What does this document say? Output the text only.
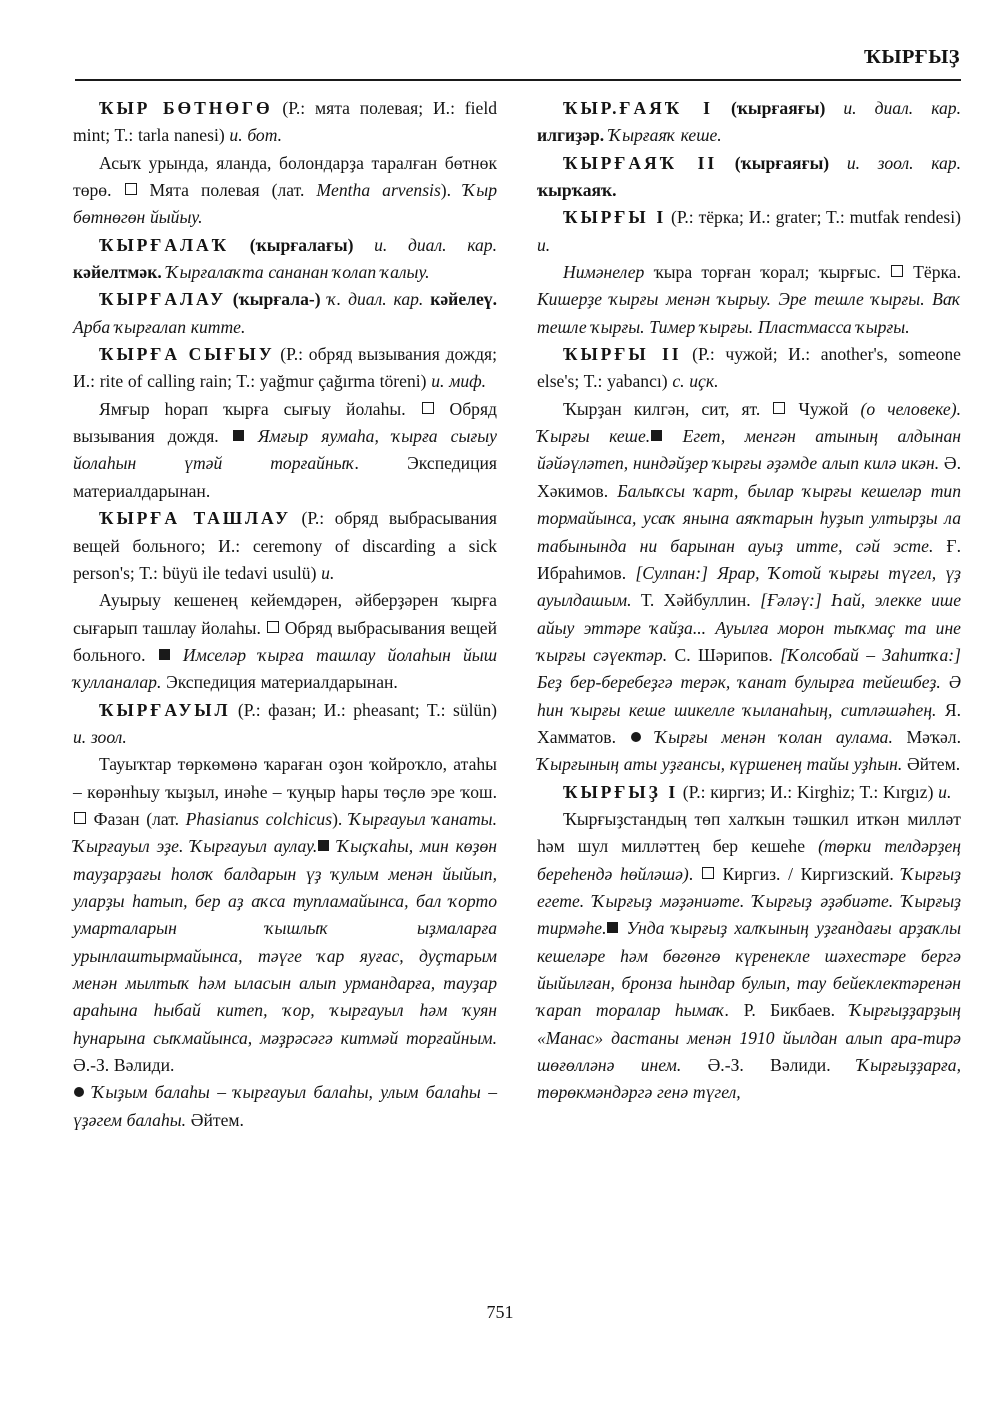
ҠЫРҒЫҘ

ҠЫР БӨТНӨГӨ (Р.: мята полевая; И.: field mint; T.: tarla nanesi) и. бот.

Асыҡ урында, яланда, болондарҙа таралған бөтнөк төрө.  Мята полевая (лат. Mentha arvensis). Ҡыр бөтнөгөн йыйыу.

ҠЫРҒАЛАҠ (ҡырғалағы) и. диал. кар. кәйелтмәк. Ҡырғалаҡта сананан ҡолап ҡалыу.

ҠЫРҒАЛАУ (ҡырғала-) ҡ. диал. кар. кәйелеү. Арба ҡырғалап китте.

ҠЫРҒА СЫҒЫУ (Р.: обряд вызывания дождя; И.: rite of calling rain; T.: yağmur çağırma töreni) и. миф.

Ямғыр һорап ҡырға сығыу йолаһы.  Обряд вызывания дождя.  Ямғыр яумаһа, ҡырға сығыу йолаһын үтәй торғайныҡ. Экспедиция материалдарынан.

ҠЫРҒА ТАШЛАУ (Р.: обряд выбрасывания вещей больного; И.: ceremony of discarding a sick person's; T.: büyü ile tedavi usulü) и.

Ауырыу кешенең кейемдәрен, әйберҙәрен ҡырға сығарып ташлау йолаһы.  Обряд выбрасывания вещей больного.  Имселәр ҡырға ташлау йолаһын йыш ҡулланалар. Экспедиция материалдарынан.

ҠЫРҒАУЫЛ (Р.: фазан; И.: pheasant; T.: sülün) и. зоол.

Тауыҡтар төркөмөнә ҡараған оҙон ҡойроҡло, атаһы – көрәнһыу ҡыҙыл, инәһе – ҡуңыр һары төҫлө эре ҡош.  Фазан (лат. Phasianus colchicus). Ҡырғауыл ҡанаты. Ҡырғауыл эҙе. Ҡырғауыл аулау. Ҡыҫҡаһы, мин көҙөн тауҙарҙағы һолоҡ балдарын үҙ ҡулым менән йыйып, уларҙы һатып, бер аҙ аҡса тупламайынса, бал ҡорто умарталарын ҡышлыҡ ыҙмаларға урынлаштырмайынса, тәүге ҡар яуғас, дуҫтарым менән мылтыҡ һәм ыласын алып урмандарға, тауҙар араһына һыбай китеп, ҡор, ҡырғауыл һәм ҡуян һунарына сыҡмайынса, мәҙрәсәгә китмәй торғайным. Ә.-З. Вәлиди.

Ҡыҙым балаһы – ҡырғауыл балаһы, улым балаһы – үҙәгем балаһы. Әйтем.

ҠЫР.ҒАЯҠ I (ҡырғаяғы) и. диал. кар. илгиҙәр. Ҡырғаяҡ кеше.

ҠЫРҒАЯҠ II (ҡырғаяғы) и. зоол. кар. ҡырҡаяҡ.

ҠЫРҒЫ I (Р.: тёрка; И.: grater; T.: mutfak rendesi) и.

Нимәнелер ҡыра торған ҡорал; ҡырғыс.  Тёрка. Кишерҙе ҡырғы менән ҡырыу. Эре тешле ҡырғы. Ваҡ тешле ҡырғы. Тимер ҡырғы. Пластмасса ҡырғы.

ҠЫРҒЫ II (Р.: чужой; И.: another's, someone else's; T.: yabancı) с. иҫк.

Ҡырҙан килгән, сит, ят.  Чужой (о человеке). Ҡырғы кеше. Егет, менгән атының алдынан йәйәүләтеп, ниндәйҙер ҡырғы әҙәмде алып килә икән. Ә. Хәкимов. Балыҡсы ҡарт, былар ҡырғы кешеләр тип тормайынса, усаҡ янына аяҡтарын һуҙып ултырҙы ла табынында ни барынан ауыҙ итте, сәй эсте. Ғ. Ибраһимов. [Сулпан:] Ярар, Ҡотой ҡырғы түгел, үҙ ауылдашым. Т. Хәйбуллин. [Ғәләү:] Һай, элекке ише айыу эттәре ҡайҙа... Ауылға морон тыҡмаҫ та ине ҡырғы сәүектәр. С. Шәрипов. [Ҡолсобай – Заһитҡа:] Беҙ бер-беребеҙгә терәк, ҡанат булырға тейешбеҙ. Ә һин ҡырғы кеше шикелле ҡыланаһың, ситләшәһең. Я. Хамматов.  Ҡырғы менән ҡолан аулама. Мәҡәл. Ҡырғының аты уҙғансы, күршенең тайы уҙһын. Әйтем.

ҠЫРҒЫҘ I (Р.: киргиз; И.: Kirghiz; T.: Kırgız) и.

Ҡырғыҙстандың төп халҡын тәшкил иткән милләт һәм шул милләттең бер кешеһе (төрки телдәрҙең береһендә һөйләшә).  Киргиз. / Киргизский. Ҡырғыҙ егете. Ҡырғыҙ мәҙәниәте. Ҡырғыҙ әҙәбиәте. Ҡырғыҙ тирмәһе. Унда ҡырғыҙ халҡының уҙғандағы арҙаҡлы кешеләре һәм бөгөнгө күренекле шәхестәре бергә йыйылған, бронза һындар булып, тау бейеклектәренән ҡарап торалар һымаҡ. Р. Бикбаев. Ҡырғыҙҙарҙың «Манас» дастаны менән 1910 йылдан алып ара-тирә шөғөлләнә инем. Ә.-З. Вәлиди. Ҡырғыҙҙарға, төрөкмәндәргә генә түгел,

751
